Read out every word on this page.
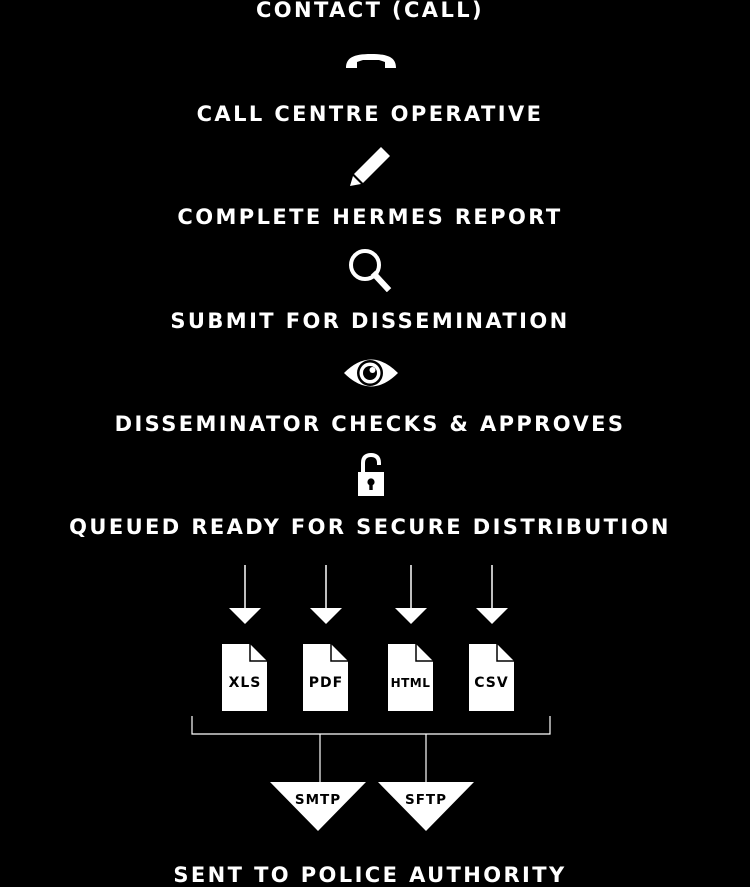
CONTACT (CALL)
CALL CENTRE OPERATIVE
COMPLETE HERMES REPORT
SUBMIT FOR DISSEMINATION
DISSEMINATOR CHECKS & APPROVES
QUEUED READY FOR SECURE DISTRIBUTION
SENT TO POLICE AUTHORITY
XLS	PDF	HTML	CSV
SMTP	SFTP
